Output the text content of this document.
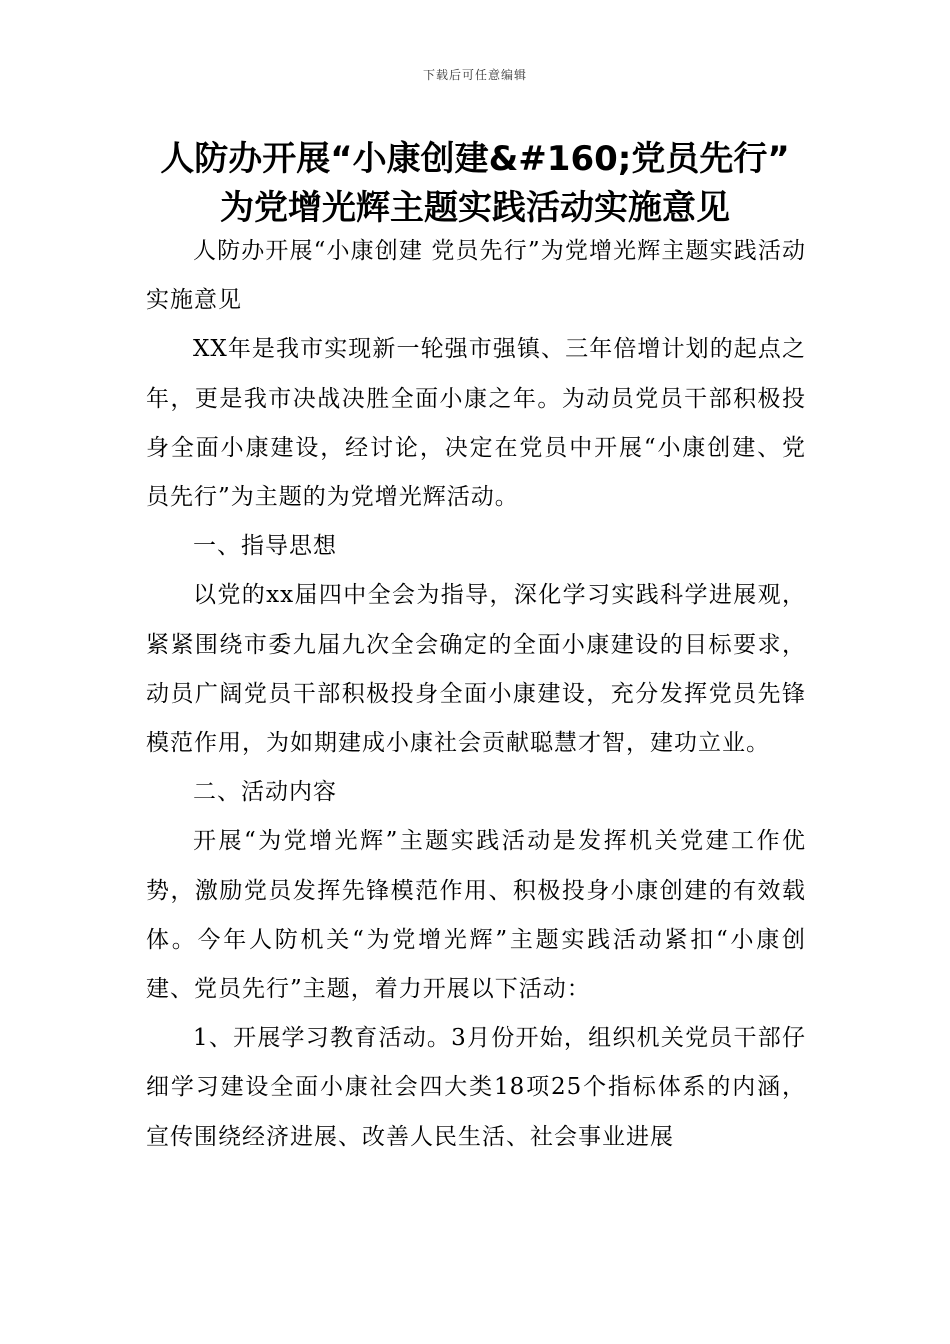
下载后可任意编辑
人防办开展“小康创建&#160;党员先行”
为党增光辉主题实践活动实施意见

人防办开展“小康创建 党员先行”为党增光辉主题实践活动实施意见

XX年是我市实现新一轮强市强镇、三年倍增计划的起点之年，更是我市决战决胜全面小康之年。为动员党员干部积极投身全面小康建设，经讨论，决定在党员中开展“小康创建、党员先行”为主题的为党增光辉活动。

一、指导思想

以党的xx届四中全会为指导，深化学习实践科学进展观，紧紧围绕市委九届九次全会确定的全面小康建设的目标要求，动员广阔党员干部积极投身全面小康建设，充分发挥党员先锋模范作用，为如期建成小康社会贡献聪慧才智，建功立业。

二、活动内容

开展“为党增光辉”主题实践活动是发挥机关党建工作优势，激励党员发挥先锋模范作用、积极投身小康创建的有效载体。今年人防机关“为党增光辉”主题实践活动紧扣“小康创建、党员先行”主题，着力开展以下活动：

1、开展学习教育活动。3月份开始，组织机关党员干部仔细学习建设全面小康社会四大类18项25个指标体系的内涵，宣传围绕经济进展、改善人民生活、社会事业进展
